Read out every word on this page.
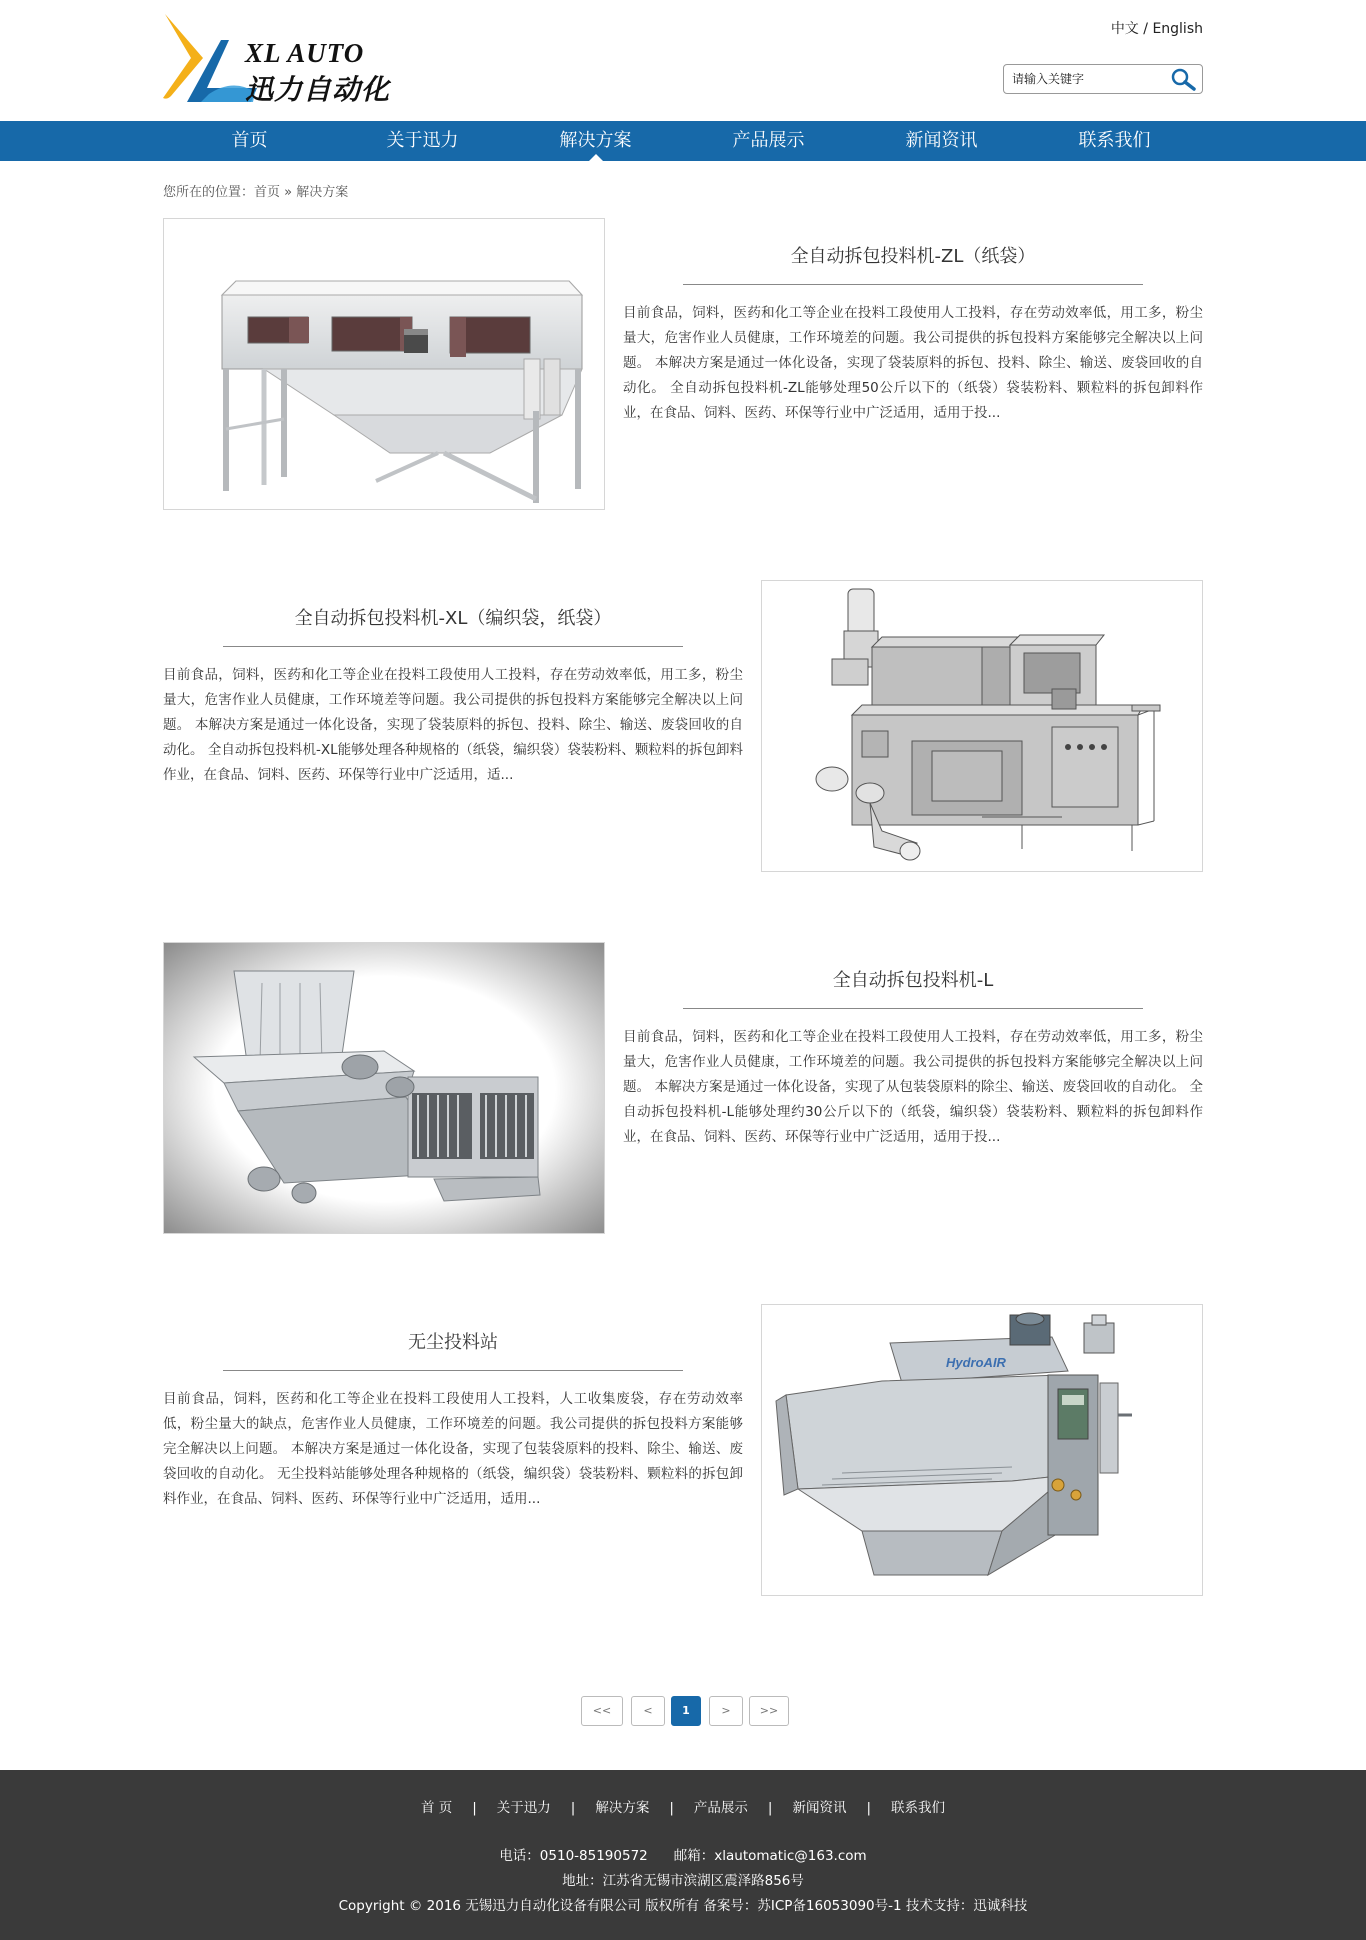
XL AUTO
迅力自动化
中文 / English
请输入关键字
首页	关于迅力	解决方案	产品展示	新闻资讯	联系我们
您所在的位置：首页 » 解决方案
全自动拆包投料机-ZL（纸袋）

目前食品，饲料，医药和化工等企业在投料工段使用人工投料，存在劳动效率低，用工多，粉尘量大，危害作业人员健康，工作环境差的问题。我公司提供的拆包投料方案能够完全解决以上问题。 本解决方案是通过一体化设备，实现了袋装原料的拆包、投料、除尘、输送、废袋回收的自动化。 全自动拆包投料机-ZL能够处理50公斤以下的（纸袋）袋装粉料、颗粒料的拆包卸料作业，在食品、饲料、医药、环保等行业中广泛适用，适用于投...

全自动拆包投料机-XL（编织袋，纸袋）

目前食品，饲料，医药和化工等企业在投料工段使用人工投料，存在劳动效率低，用工多，粉尘量大，危害作业人员健康，工作环境差等问题。我公司提供的拆包投料方案能够完全解决以上问题。 本解决方案是通过一体化设备，实现了袋装原料的拆包、投料、除尘、输送、废袋回收的自动化。 全自动拆包投料机-XL能够处理各种规格的（纸袋，编织袋）袋装粉料、颗粒料的拆包卸料作业，在食品、饲料、医药、环保等行业中广泛适用，适...

全自动拆包投料机-L

目前食品，饲料，医药和化工等企业在投料工段使用人工投料，存在劳动效率低，用工多，粉尘量大，危害作业人员健康，工作环境差的问题。我公司提供的拆包投料方案能够完全解决以上问题。 本解决方案是通过一体化设备，实现了从包装袋原料的除尘、输送、废袋回收的自动化。 全自动拆包投料机-L能够处理约30公斤以下的（纸袋，编织袋）袋装粉料、颗粒料的拆包卸料作业，在食品、饲料、医药、环保等行业中广泛适用，适用于投...

HydroAIR
无尘投料站

目前食品，饲料，医药和化工等企业在投料工段使用人工投料，人工收集废袋，存在劳动效率低，粉尘量大的缺点，危害作业人员健康，工作环境差的问题。我公司提供的拆包投料方案能够完全解决以上问题。 本解决方案是通过一体化设备，实现了包装袋原料的投料、除尘、输送、废袋回收的自动化。 无尘投料站能够处理各种规格的（纸袋，编织袋）袋装粉料、颗粒料的拆包卸料作业，在食品、饲料、医药、环保等行业中广泛适用，适用...

<<	<	1	>	>>
首 页 | 关于迅力 | 解决方案 | 产品展示 | 新闻资讯 | 联系我们
电话：0510-85190572 邮箱：xlautomatic@163.com
地址：江苏省无锡市滨湖区震泽路856号
Copyright © 2016 无锡迅力自动化设备有限公司 版权所有 备案号：苏ICP备16053090号-1 技术支持：迅诚科技
